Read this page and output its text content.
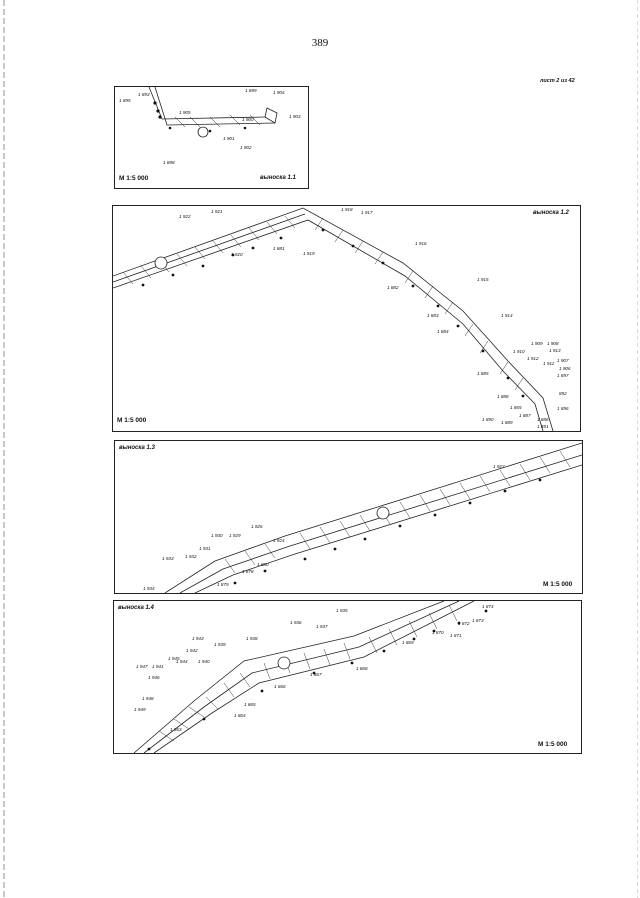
389
лист 2 из 42
1 893
1 895
1 899	1 904
1 905
1 900
1 903
1 901
1 902
1 898
М 1:5 000	выноска 1.1
выноска 1.2
1 921
1 922
1 918
1 917
1 920
1 881
1 919
1 916
1 882
1 915
1 883
1 884
1 914
1 910
1 909 1 908
1 913
1 912
1 911
1 907
1 906
1 885	1 897
1 888
892
1 865	1 896
1 887
1 890
1 889
1 886
1 891
М 1:5 000
выноска 1.3
1 923
1 926
1 924
1 930 1 929
1 931
1 932
1 933
1 880
1 878
1 879
1 934
М 1:5 000
выноска 1.4	1 874
1 935
1 936
1 937
1 872
1 873
1 870
1 871
1 869
1 938
1 943
1 939
1 942
1 944
1 945
1 940
1 947 1 941
1 946
1 867
1 868
1 866
1 948
1 865
1 949
1 864
1 863
М 1:5 000
